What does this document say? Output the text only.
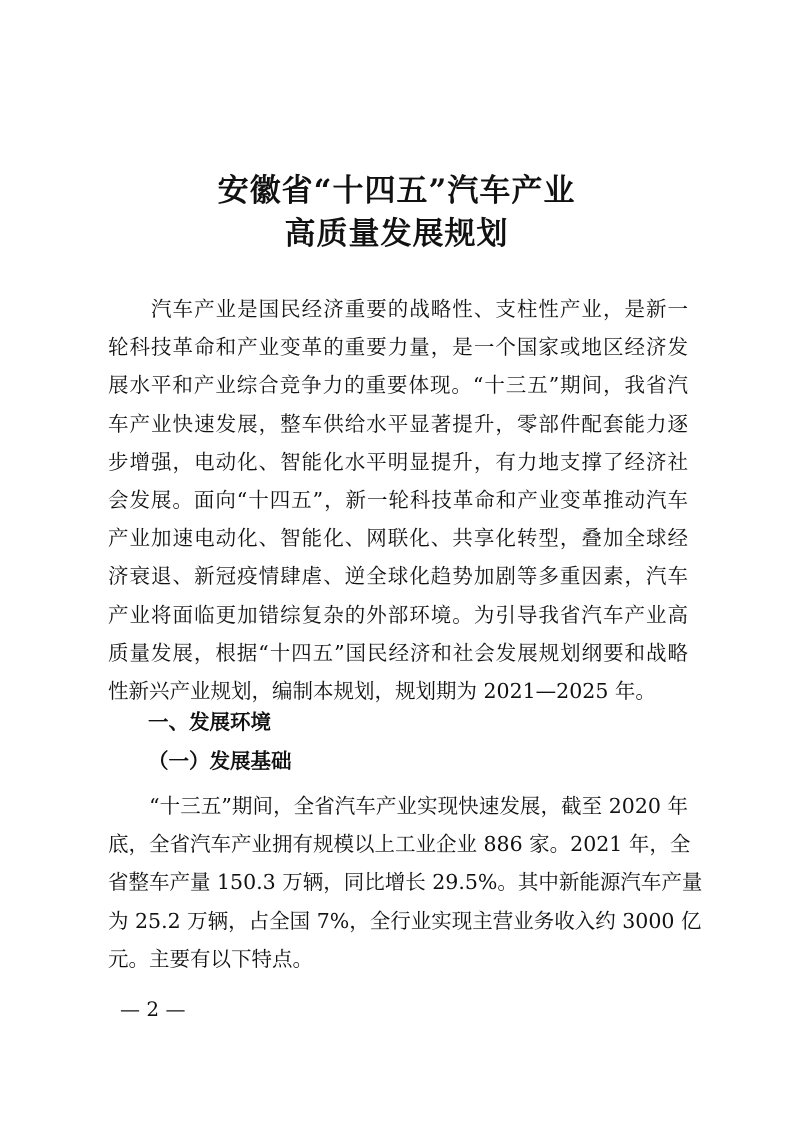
安徽省“十四五”汽车产业
高质量发展规划
　　汽车产业是国民经济重要的战略性、支柱性产业，是新一
轮科技革命和产业变革的重要力量，是一个国家或地区经济发
展水平和产业综合竞争力的重要体现。“十三五”期间，我省汽
车产业快速发展，整车供给水平显著提升，零部件配套能力逐
步增强，电动化、智能化水平明显提升，有力地支撑了经济社
会发展。面向“十四五”，新一轮科技革命和产业变革推动汽车
产业加速电动化、智能化、网联化、共享化转型，叠加全球经
济衰退、新冠疫情肆虐、逆全球化趋势加剧等多重因素，汽车
产业将面临更加错综复杂的外部环境。为引导我省汽车产业高
质量发展，根据“十四五”国民经济和社会发展规划纲要和战略
性新兴产业规划，编制本规划，规划期为 2021—2025 年。
一、发展环境
（一）发展基础
　　“十三五”期间，全省汽车产业实现快速发展，截至 2020 年
底，全省汽车产业拥有规模以上工业企业 886 家。2021 年，全
省整车产量 150.3 万辆，同比增长 29.5%。其中新能源汽车产量
为 25.2 万辆，占全国 7%，全行业实现主营业务收入约 3000 亿
元。主要有以下特点。
— 2 —
